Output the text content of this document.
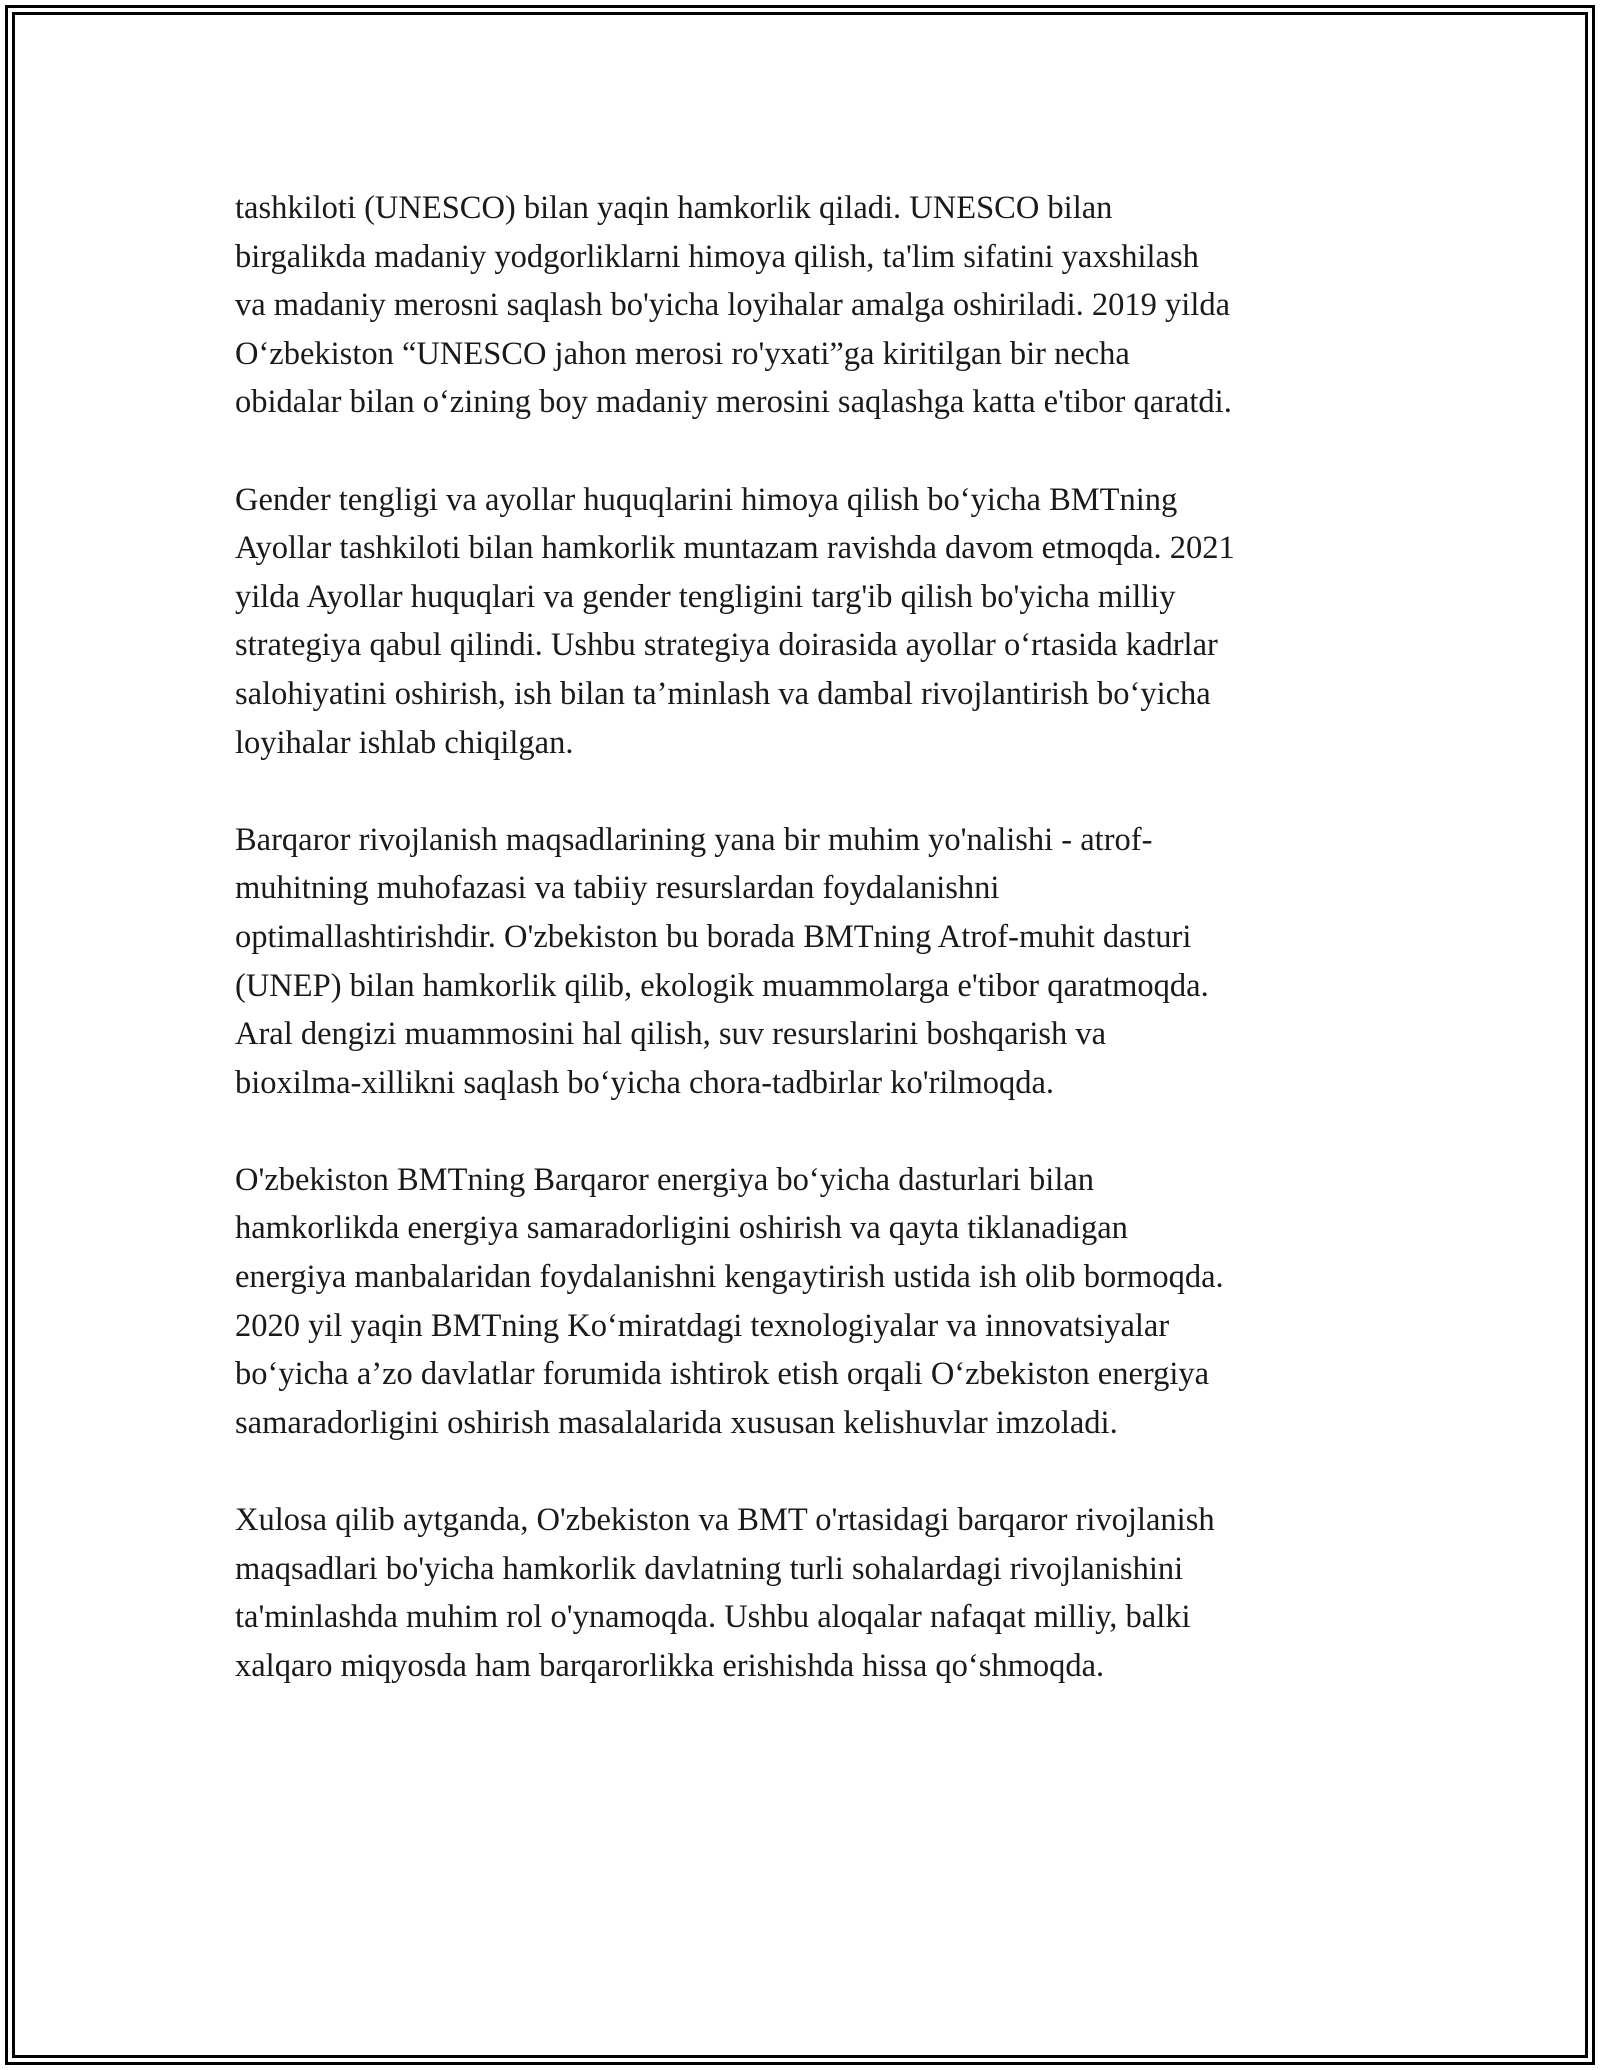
tashkiloti (UNESCO) bilan yaqin hamkorlik qiladi. UNESCO bilan
birgalikda madaniy yodgorliklarni himoya qilish, ta'lim sifatini yaxshilash
va madaniy merosni saqlash bo'yicha loyihalar amalga oshiriladi. 2019 yilda
O‘zbekiston “UNESCO jahon merosi ro'yxati”ga kiritilgan bir necha
obidalar bilan o‘zining boy madaniy merosini saqlashga katta e'tibor qaratdi.
Gender tengligi va ayollar huquqlarini himoya qilish bo‘yicha BMTning
Ayollar tashkiloti bilan hamkorlik muntazam ravishda davom etmoqda. 2021
yilda Ayollar huquqlari va gender tengligini targ'ib qilish bo'yicha milliy
strategiya qabul qilindi. Ushbu strategiya doirasida ayollar o‘rtasida kadrlar
salohiyatini oshirish, ish bilan ta’minlash va dambal rivojlantirish bo‘yicha
loyihalar ishlab chiqilgan.
Barqaror rivojlanish maqsadlarining yana bir muhim yo'nalishi - atrof-
muhitning muhofazasi va tabiiy resurslardan foydalanishni
optimallashtirishdir. O'zbekiston bu borada BMTning Atrof-muhit dasturi
(UNEP) bilan hamkorlik qilib, ekologik muammolarga e'tibor qaratmoqda.
Aral dengizi muammosini hal qilish, suv resurslarini boshqarish va
bioxilma-xillikni saqlash bo‘yicha chora-tadbirlar ko'rilmoqda.
O'zbekiston BMTning Barqaror energiya bo‘yicha dasturlari bilan
hamkorlikda energiya samaradorligini oshirish va qayta tiklanadigan
energiya manbalaridan foydalanishni kengaytirish ustida ish olib bormoqda.
2020 yil yaqin BMTning Ko‘miratdagi texnologiyalar va innovatsiyalar
bo‘yicha a’zo davlatlar forumida ishtirok etish orqali O‘zbekiston energiya
samaradorligini oshirish masalalarida xususan kelishuvlar imzoladi.
Xulosa qilib aytganda, O'zbekiston va BMT o'rtasidagi barqaror rivojlanish
maqsadlari bo'yicha hamkorlik davlatning turli sohalardagi rivojlanishini
ta'minlashda muhim rol o'ynamoqda. Ushbu aloqalar nafaqat milliy, balki
xalqaro miqyosda ham barqarorlikka erishishda hissa qo‘shmoqda.
